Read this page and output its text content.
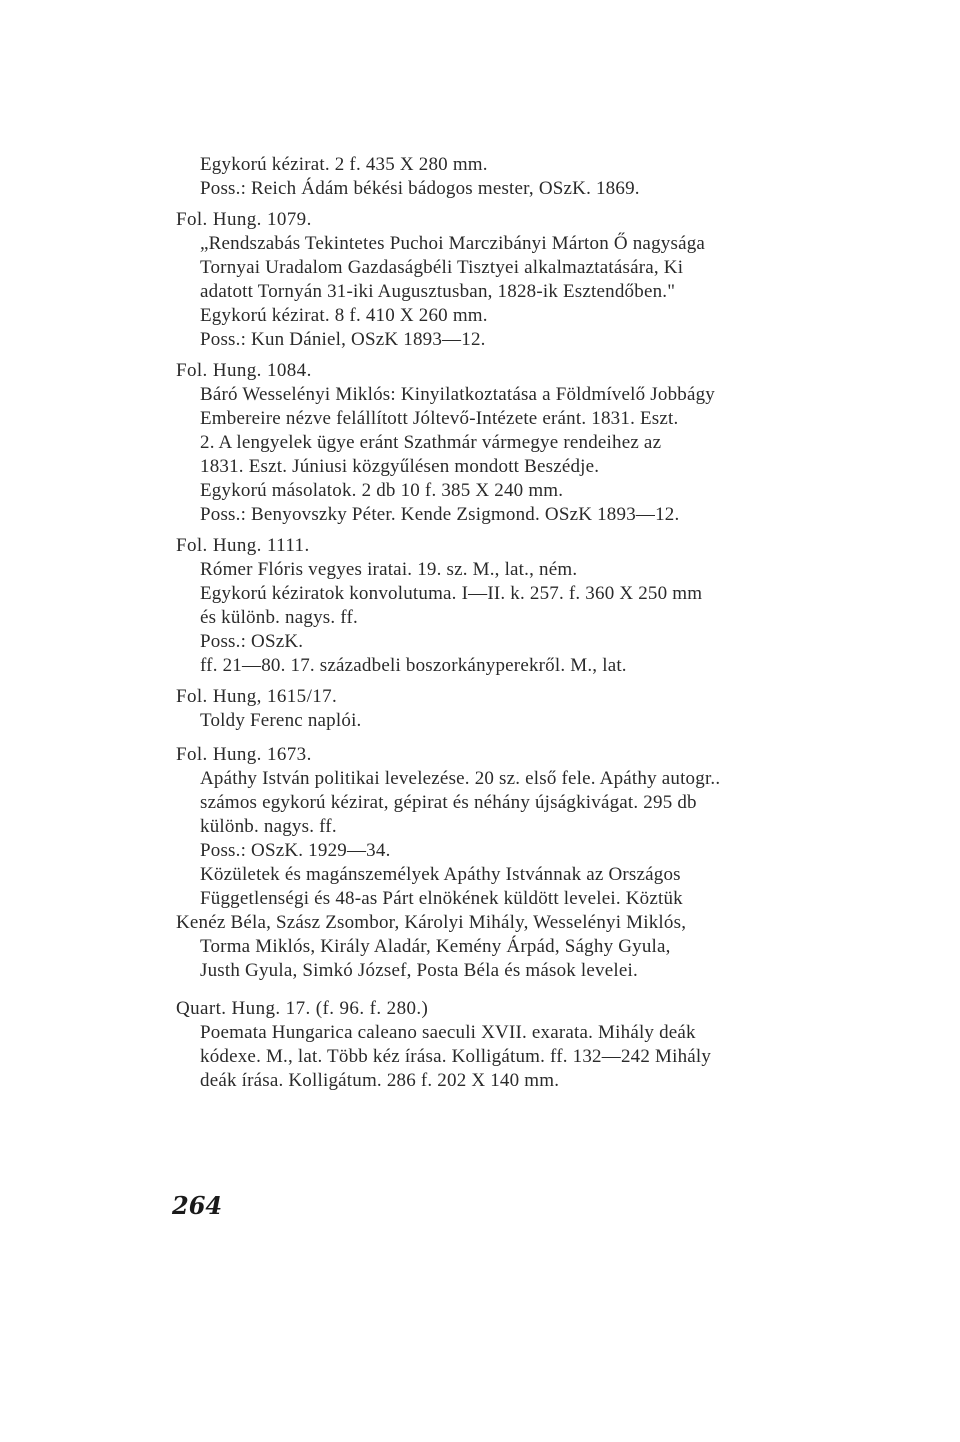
Egykorú kézirat. 2 f. 435 X 280 mm.
Poss.: Reich Ádám békési bádogos mester, OSzK. 1869.
Fol. Hung. 1079.
„Rendszabás Tekintetes Puchoi Marczibányi Márton Ő nagysága
Tornyai Uradalom Gazdaságbéli Tisztyei alkalmaztatására, Ki
adatott Tornyán 31-iki Augusztusban, 1828-ik Esztendőben."
Egykorú kézirat. 8 f. 410 X 260 mm.
Poss.: Kun Dániel, OSzK 1893—12.
Fol. Hung. 1084.
Báró Wesselényi Miklós: Kinyilatkoztatása a Földmívelő Jobbágy
Embereire nézve felállított Jóltevő-Intézete eránt. 1831. Eszt.
2. A lengyelek ügye eránt Szathmár vármegye rendeihez az
1831. Eszt. Júniusi közgyűlésen mondott Beszédje.
Egykorú másolatok. 2 db 10 f. 385 X 240 mm.
Poss.: Benyovszky Péter. Kende Zsigmond. OSzK 1893—12.
Fol. Hung. 1111.
Rómer Flóris vegyes iratai. 19. sz. M., lat., ném.
Egykorú kéziratok konvolutuma. I—II. k. 257. f. 360 X 250 mm
és különb. nagys. ff.
Poss.: OSzK.
ff. 21—80. 17. századbeli boszorkányperekről. M., lat.
Fol. Hung, 1615/17.
Toldy Ferenc naplói.
Fol. Hung. 1673.
Apáthy István politikai levelezése. 20 sz. első fele. Apáthy autogr..
számos egykorú kézirat, gépirat és néhány újságkivágat. 295 db
különb. nagys. ff.
Poss.: OSzK. 1929—34.
Közületek és magánszemélyek Apáthy Istvánnak az Országos
Függetlenségi és 48-as Párt elnökének küldött levelei. Köztük
Kenéz Béla, Szász Zsombor, Károlyi Mihály, Wesselényi Miklós,
Torma Miklós, Király Aladár, Kemény Árpád, Sághy Gyula,
Justh Gyula, Simkó József, Posta Béla és mások levelei.
Quart. Hung. 17. (f. 96. f. 280.)
Poemata Hungarica caleano saeculi XVII. exarata. Mihály deák
kódexe. M., lat. Több kéz írása. Kolligátum. ff. 132—242 Mihály
deák írása. Kolligátum. 286 f. 202 X 140 mm.
264
